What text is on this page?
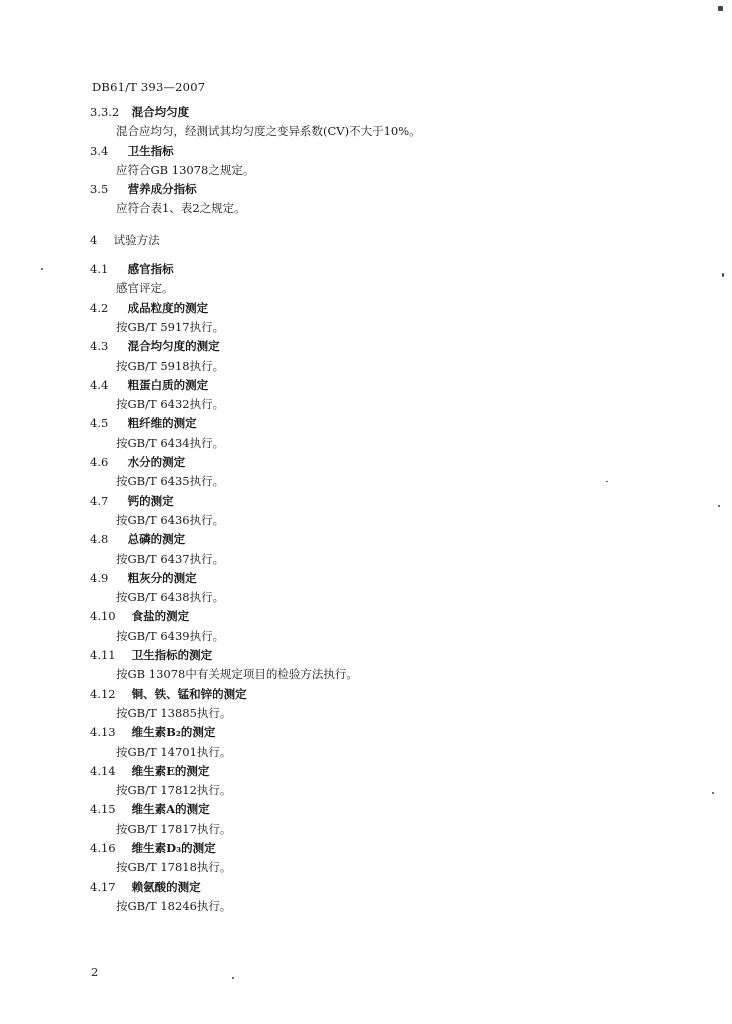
DB61/T 393—2007
3.3.2 混合均匀度
混合应均匀，经测试其均匀度之变异系数(CV)不大于10%。
3.4 卫生指标
应符合GB 13078之规定。
3.5 营养成分指标
应符合表1、表2之规定。
4 试验方法
4.1 感官指标
感官评定。
4.2 成品粒度的测定
按GB/T 5917执行。
4.3 混合均匀度的测定
按GB/T 5918执行。
4.4 粗蛋白质的测定
按GB/T 6432执行。
4.5 粗纤维的测定
按GB/T 6434执行。
4.6 水分的测定
按GB/T 6435执行。
4.7 钙的测定
按GB/T 6436执行。
4.8 总磷的测定
按GB/T 6437执行。
4.9 粗灰分的测定
按GB/T 6438执行。
4.10 食盐的测定
按GB/T 6439执行。
4.11 卫生指标的测定
按GB 13078中有关规定项目的检验方法执行。
4.12 铜、铁、锰和锌的测定
按GB/T 13885执行。
4.13 维生素B₂的测定
按GB/T 14701执行。
4.14 维生素E的测定
按GB/T 17812执行。
4.15 维生素A的测定
按GB/T 17817执行。
4.16 维生素D₃的测定
按GB/T 17818执行。
4.17 赖氨酸的测定
按GB/T 18246执行。
2
